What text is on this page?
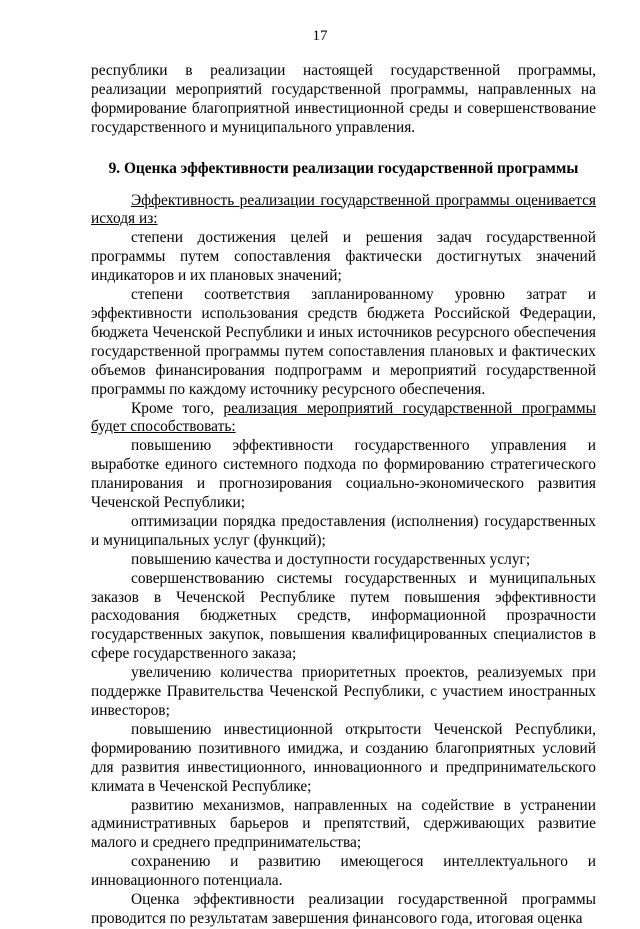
17

республики в реализации настоящей государственной программы, реализации мероприятий государственной программы, направленных на формирование благоприятной инвестиционной среды и совершенствование государственного и муниципального управления.

9. Оценка эффективности реализации государственной программы

Эффективность реализации государственной программы оценивается исходя из:

степени достижения целей и решения задач государственной программы путем сопоставления фактически достигнутых значений индикаторов и их плановых значений;

степени соответствия запланированному уровню затрат и эффективности использования средств бюджета Российской Федерации, бюджета Чеченской Республики и иных источников ресурсного обеспечения государственной программы путем сопоставления плановых и фактических объемов финансирования подпрограмм и мероприятий государственной программы по каждому источнику ресурсного обеспечения.

Кроме того, реализация мероприятий государственной программы будет способствовать:

повышению эффективности государственного управления и выработке единого системного подхода по формированию стратегического планирования и прогнозирования социально-экономического развития Чеченской Республики;

оптимизации порядка предоставления (исполнения) государственных и муниципальных услуг (функций);

повышению качества и доступности государственных услуг;

совершенствованию системы государственных и муниципальных заказов в Чеченской Республике путем повышения эффективности расходования бюджетных средств, информационной прозрачности государственных закупок, повышения квалифицированных специалистов в сфере государственного заказа;

увеличению количества приоритетных проектов, реализуемых при поддержке Правительства Чеченской Республики, с участием иностранных инвесторов;

повышению инвестиционной открытости Чеченской Республики, формированию позитивного имиджа, и созданию благоприятных условий для развития инвестиционного, инновационного и предпринимательского климата в Чеченской Республике;

развитию механизмов, направленных на содействие в устранении административных барьеров и препятствий, сдерживающих развитие малого и среднего предпринимательства;

сохранению и развитию имеющегося интеллектуального и инновационного потенциала.

Оценка эффективности реализации государственной программы проводится по результатам завершения финансового года, итоговая оценка
